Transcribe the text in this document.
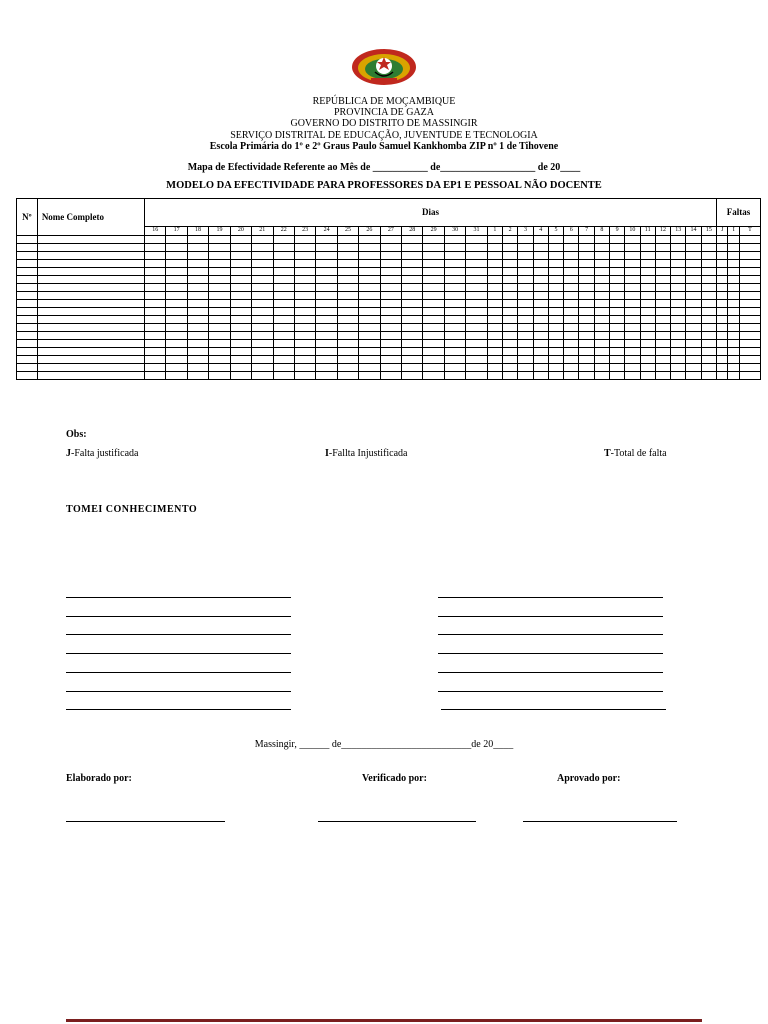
REPÚBLICA DE MOÇAMBIQUE
PROVINCIA DE GAZA
GOVERNO DO DISTRITO DE MASSINGIR
SERVIÇO DISTRITAL DE EDUCAÇÃO, JUVENTUDE E TECNOLOGIA
Escola Primária do 1º e 2º Graus Paulo Samuel Kankhomba ZIP nº 1 de Tihovene
Mapa de Efectividade Referente ao Mês de ___________ de___________________ de 20____
MODELO DA EFECTIVIDADE PARA PROFESSORES DA EP1 E PESSOAL NÃO DOCENTE
Nº	Nome Completo	Dias																															Faltas		
		16	17	18	19	20	21	22	23	24	25	26	27	28	29	30	31	1	2	3	4	5	6	7	8	9	10	11	12	13	14	15	J	I	T

Obs:
J-Falta justificada	I-Fallta Injustificada	T-Total de falta
TOMEI CONHECIMENTO
Massingir, ______ de__________________________de 20____
Elaborado por:	Verificado por:	Aprovado por:
